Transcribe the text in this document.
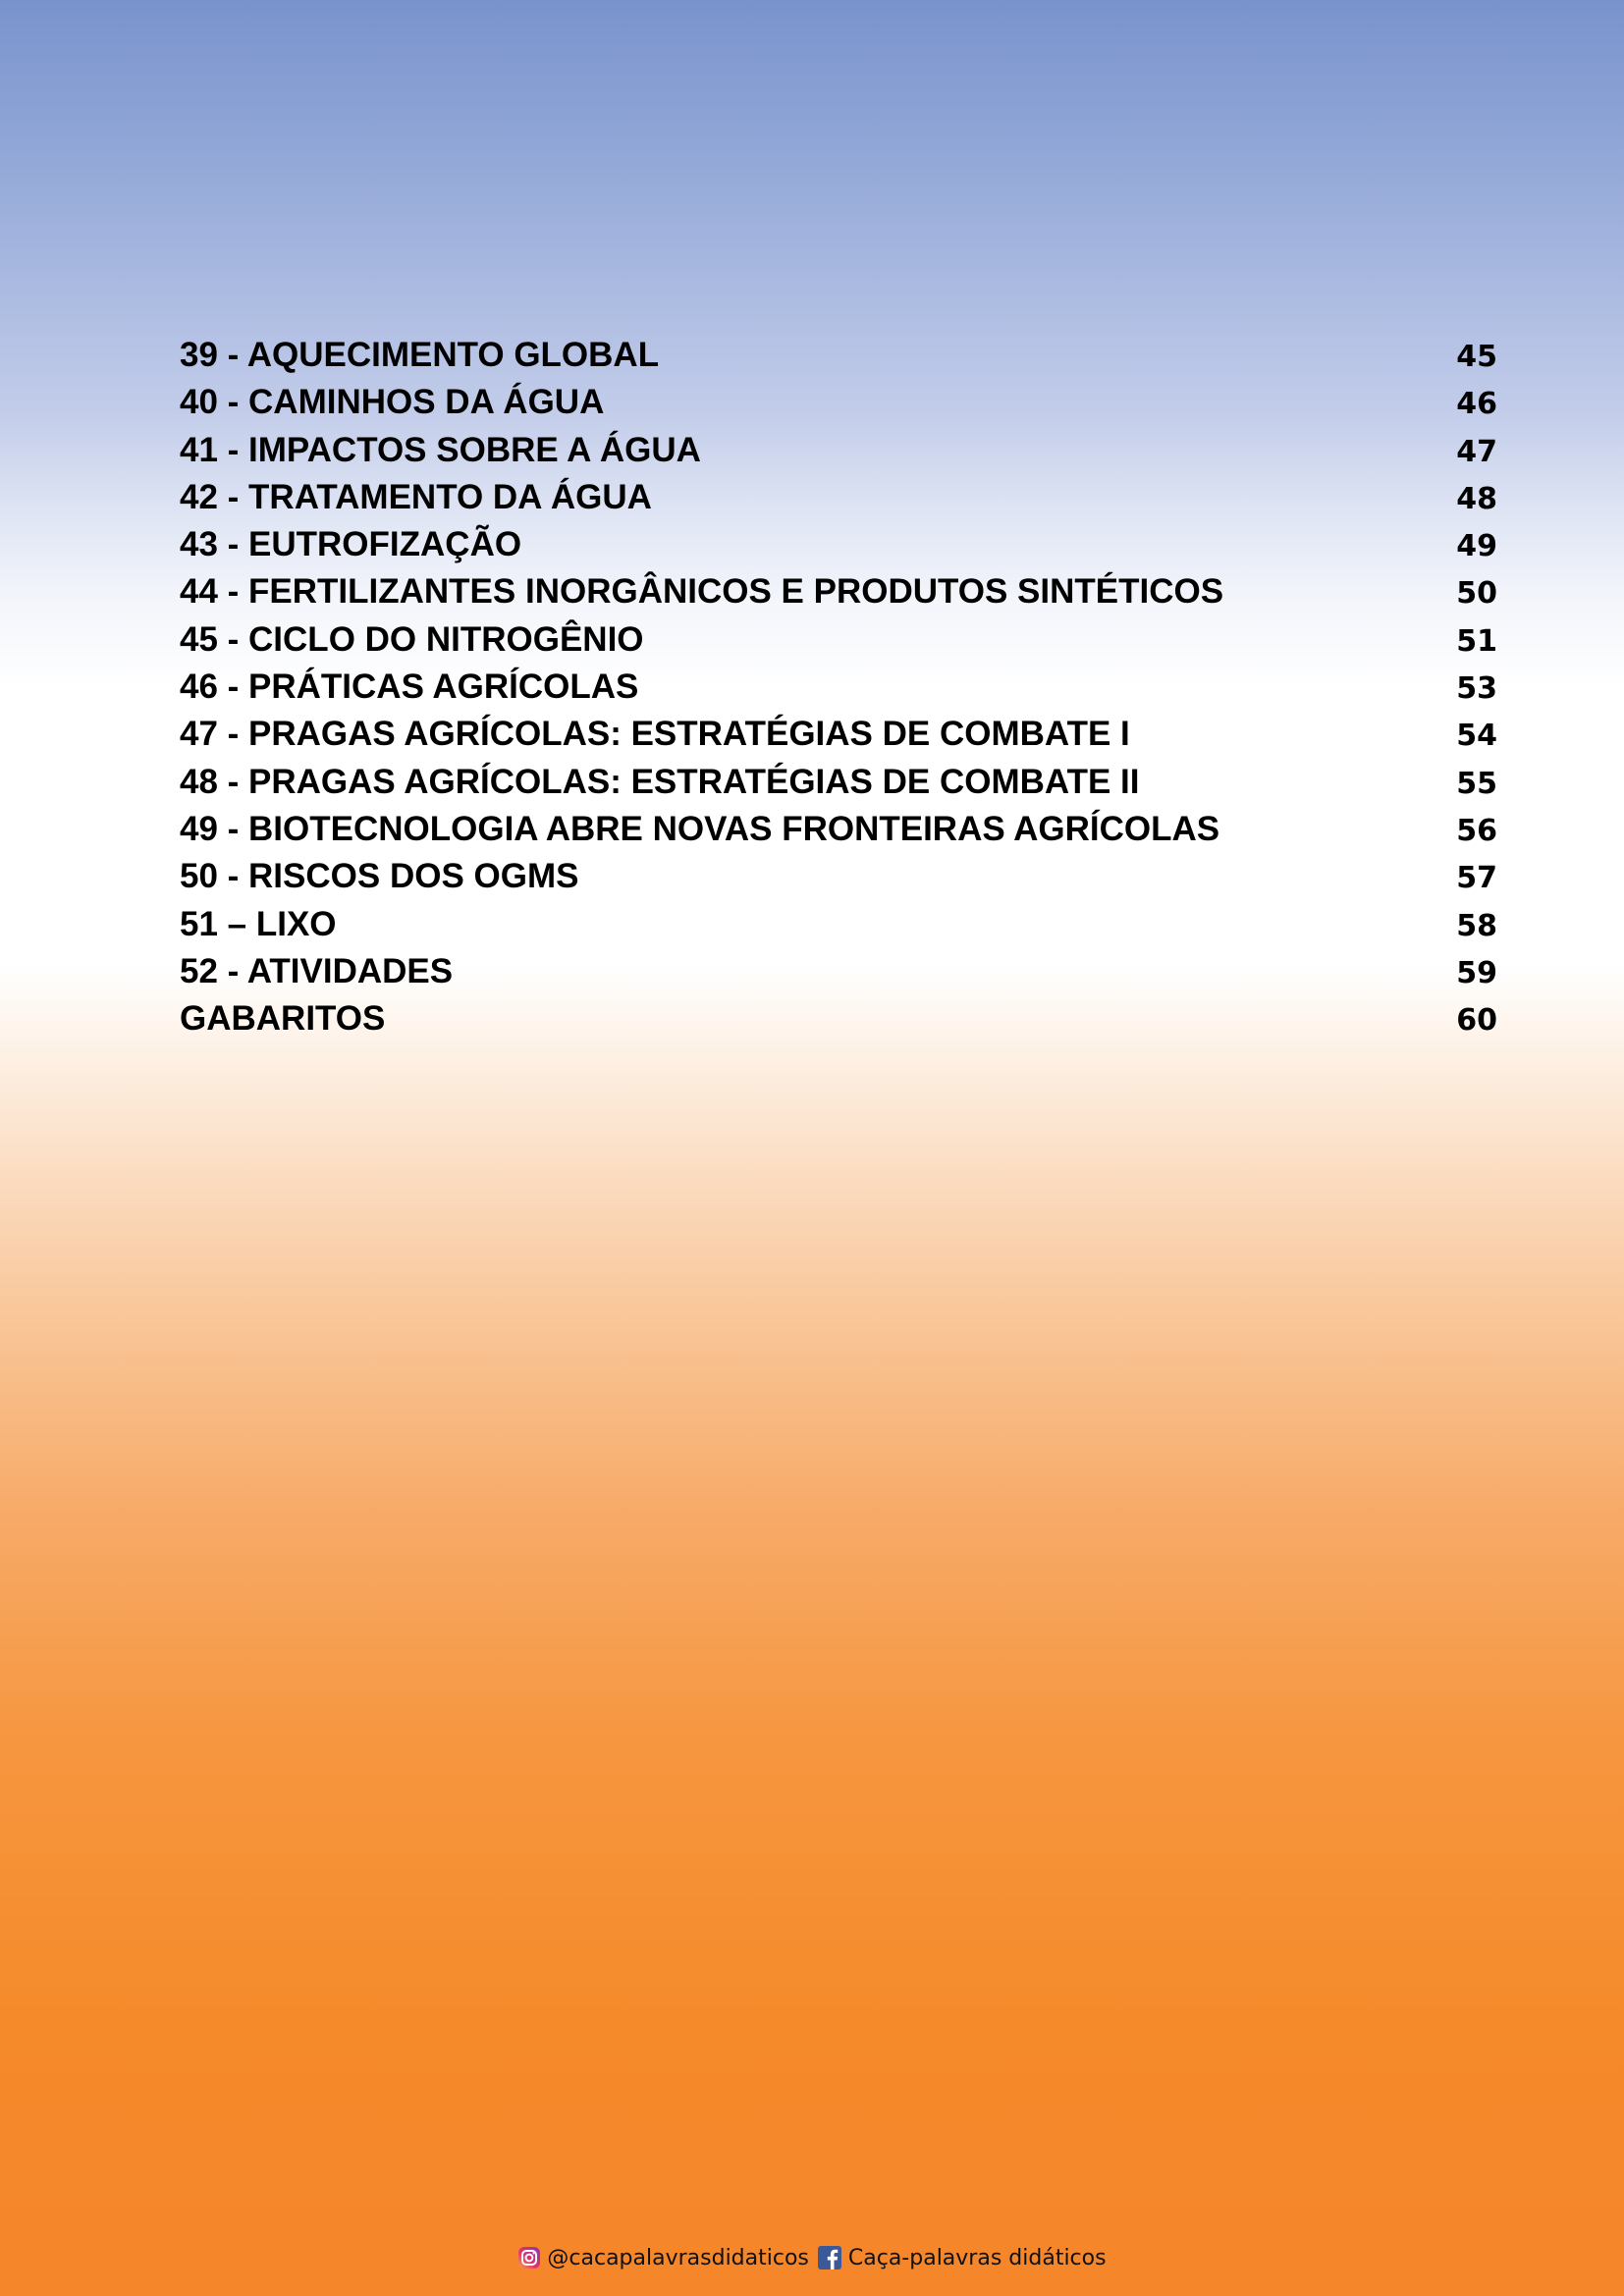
39 - AQUECIMENTO GLOBAL	45
40 - CAMINHOS DA ÁGUA	46
41 - IMPACTOS SOBRE A ÁGUA	47
42 - TRATAMENTO DA ÁGUA	48
43 - EUTROFIZAÇÃO	49
44 - FERTILIZANTES INORGÂNICOS E PRODUTOS SINTÉTICOS	50
45 - CICLO DO NITROGÊNIO	51
46 - PRÁTICAS AGRÍCOLAS	53
47 - PRAGAS AGRÍCOLAS: ESTRATÉGIAS DE COMBATE I	54
48 - PRAGAS AGRÍCOLAS: ESTRATÉGIAS DE COMBATE II	55
49 - BIOTECNOLOGIA ABRE NOVAS FRONTEIRAS AGRÍCOLAS	56
50 - RISCOS DOS OGMS	57
51 – LIXO	58
52 - ATIVIDADES	59
GABARITOS	60
@cacapalavrasdidaticos Caça-palavras didáticos
